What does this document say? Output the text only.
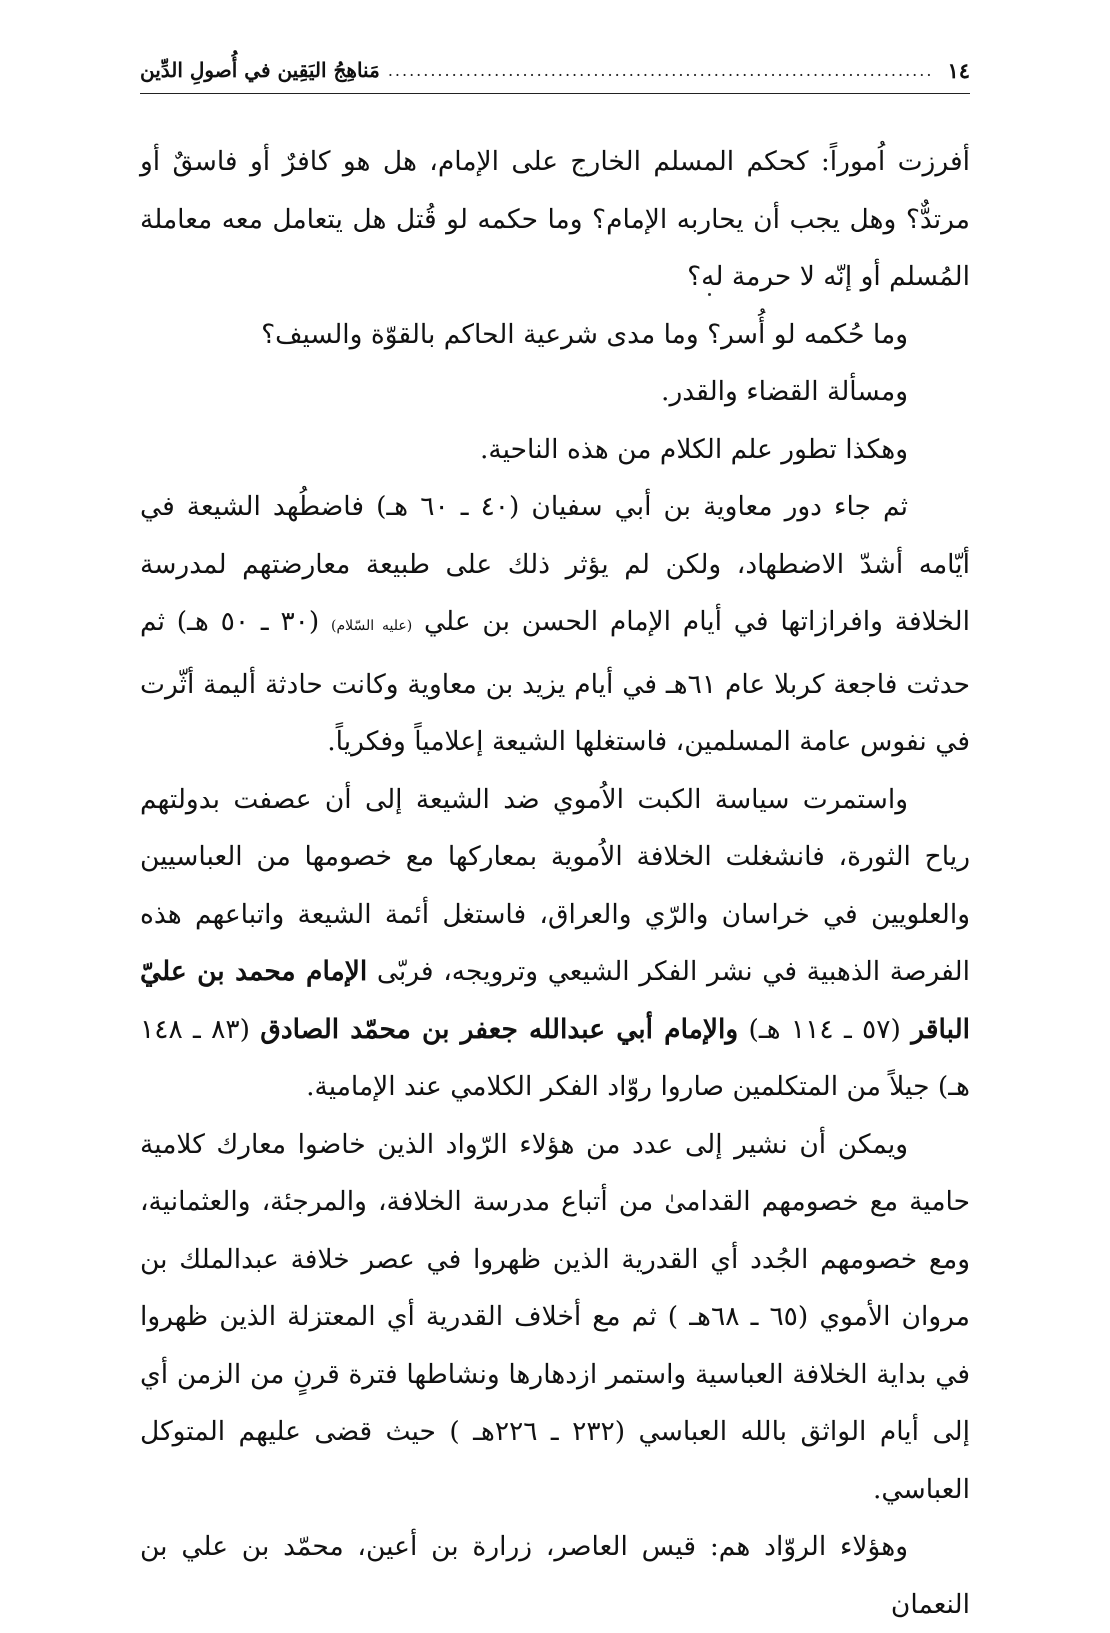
١٤
.....
مَناهِجُ اليَقِين في أُصولِ الدِّين

أفرزت اُموراً: كحكم المسلم الخارج على الإمام، هل هو كافرٌ أو فاسقٌ أو مرتدٌّ؟ وهل يجب أن يحاربه الإمام؟ وما حكمه لو قُتل هل يتعامل معه معاملة المُسلم أو إنّه لا حرمة له؟

وما حُكمه لو أُسر؟ وما مدى شرعية الحاكم بالقوّة والسيف؟

ومسألة القضاء والقدر.

وهكذا تطور علم الكلام من هذه الناحية.

ثم جاء دور معاوية بن أبي سفيان (٤٠ ـ ٦٠ هـ) فاضطُهد الشيعة في أيّامه أشدّ الاضطهاد، ولكن لم يؤثر ذلك على طبيعة معارضتهم لمدرسة الخلافة وافرازاتها في أيام الإمام الحسن بن علي (عليه السّلام) (٣٠ ـ ٥٠ هـ) ثم حدثت فاجعة كربلا عام ٦١هـ في أيام يزيد بن معاوية وكانت حادثة أليمة أثّرت في نفوس عامة المسلمين، فاستغلها الشيعة إعلامياً وفكرياً.

واستمرت سياسة الكبت الاُموي ضد الشيعة إلى أن عصفت بدولتهم رياح الثورة، فانشغلت الخلافة الاُموية بمعاركها مع خصومها من العباسيين والعلويين في خراسان والرّي والعراق، فاستغل أئمة الشيعة واتباعهم هذه الفرصة الذهبية في نشر الفكر الشيعي وترويجه، فربّى الإمام محمد بن عليّ الباقر (٥٧ ـ ١١٤ هـ) والإمام أبي عبدالله جعفر بن محمّد الصادق (٨٣ ـ ١٤٨ هـ) جيلاً من المتكلمين صاروا روّاد الفكر الكلامي عند الإمامية.

ويمكن أن نشير إلى عدد من هؤلاء الرّواد الذين خاضوا معارك كلامية حامية مع خصومهم القدامىٰ من أتباع مدرسة الخلافة، والمرجئة، والعثمانية، ومع خصومهم الجُدد أي القدرية الذين ظهروا في عصر خلافة عبدالملك بن مروان الأموي (٦٥ ـ ٦٨هـ ) ثم مع أخلاف القدرية أي المعتزلة الذين ظهروا في بداية الخلافة العباسية واستمر ازدهارها ونشاطها فترة قرنٍ من الزمن أي إلى أيام الواثق بالله العباسي (٢٣٢ ـ ٢٢٦هـ ) حيث قضى عليهم المتوكل العباسي.

وهؤلاء الروّاد هم: قيس العاصر، زرارة بن أعين، محمّد بن علي بن النعمان
